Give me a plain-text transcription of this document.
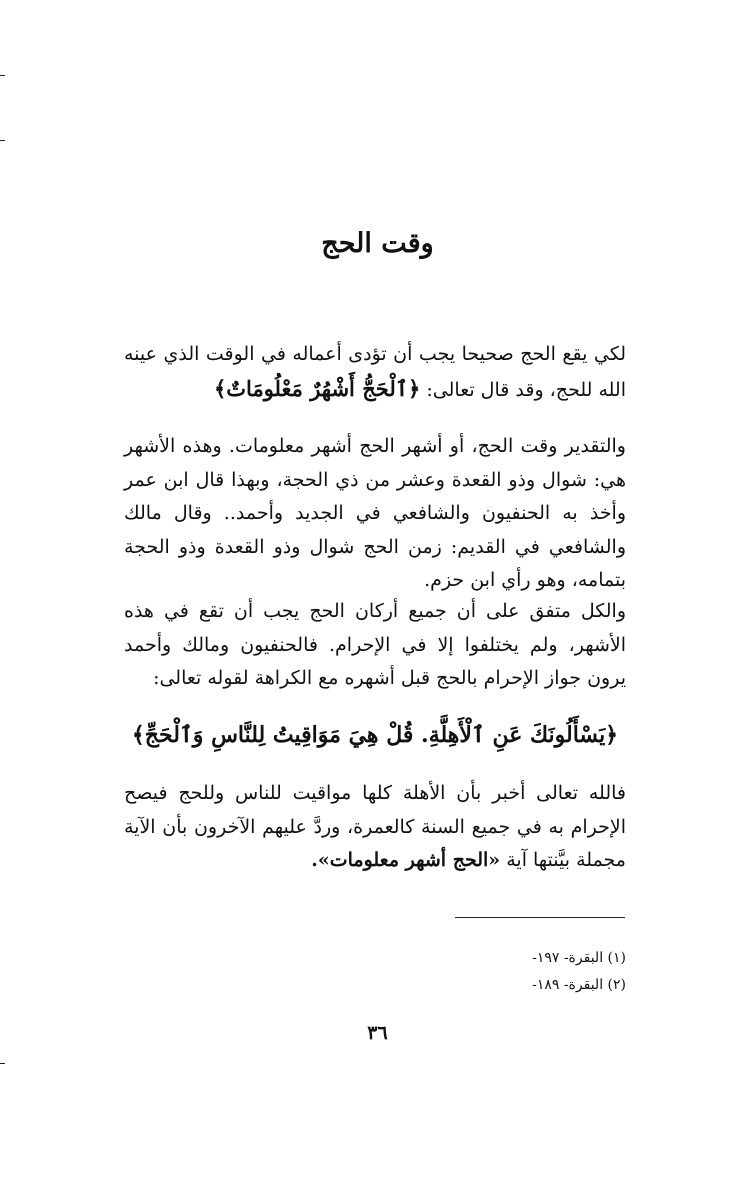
وقت الحج
لكي يقع الحج صحيحا يجب أن تؤدى أعماله في الوقت الذي عينه الله للحج، وقد قال تعالى: ﴿ٱلْحَجُّ أَشْهُرٌ مَعْلُومَاتٌ﴾
والتقدير وقت الحج، أو أشهر الحج أشهر معلومات. وهذه الأشهر هي: شوال وذو القعدة وعشر من ذي الحجة، وبهذا قال ابن عمر وأخذ به الحنفيون والشافعي في الجديد وأحمد.. وقال مالك والشافعي في القديم: زمن الحج شوال وذو القعدة وذو الحجة بتمامه، وهو رأي ابن حزم.
والكل متفق على أن جميع أركان الحج يجب أن تقع في هذه الأشهر، ولم يختلفوا إلا في الإحرام. فالحنفيون ومالك وأحمد يرون جواز الإحرام بالحج قبل أشهره مع الكراهة لقوله تعالى:
﴿يَسْأَلُونَكَ عَنِ ٱلْأَهِلَّةِ. قُلْ هِيَ مَوَاقِيتُ لِلنَّاسِ وَٱلْحَجِّ﴾
فالله تعالى أخبر بأن الأهلة كلها مواقيت للناس وللحج فيصح الإحرام به في جميع السنة كالعمرة، وردَّ عليهم الآخرون بأن الآية مجملة بيَّنتها آية «الحج أشهر معلومات».
(١) البقرة- ١٩٧-
(٢) البقرة- ١٨٩-
٣٦
